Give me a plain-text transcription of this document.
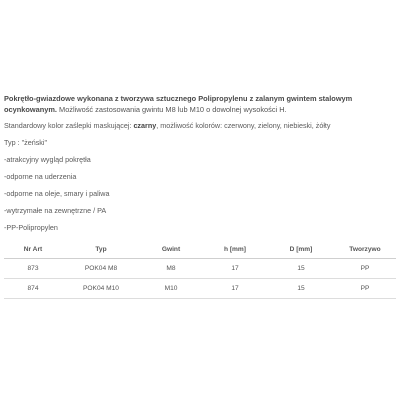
Pokrętło-gwiazdowe wykonana z tworzywa sztucznego Polipropylenu z zalanym gwintem stalowym ocynkowanym. Możliwość zastosowania gwintu M8 lub M10 o dowolnej wysokości H.

Standardowy kolor zaślepki maskującej: czarny, możliwość kolorów: czerwony, zielony, niebieski, żółty

Typ : "żeński"

-atrakcyjny wygląd pokrętła

-odporne na uderzenia

-odporne na oleje, smary i paliwa

-wytrzymałe na zewnętrzne / PA

-PP-Polipropylen

Nr Art	Typ	Gwint	h [mm]	D [mm]	Tworzywo
873	POK04 M8	M8	17	15	PP
874	POK04 M10	M10	17	15	PP
